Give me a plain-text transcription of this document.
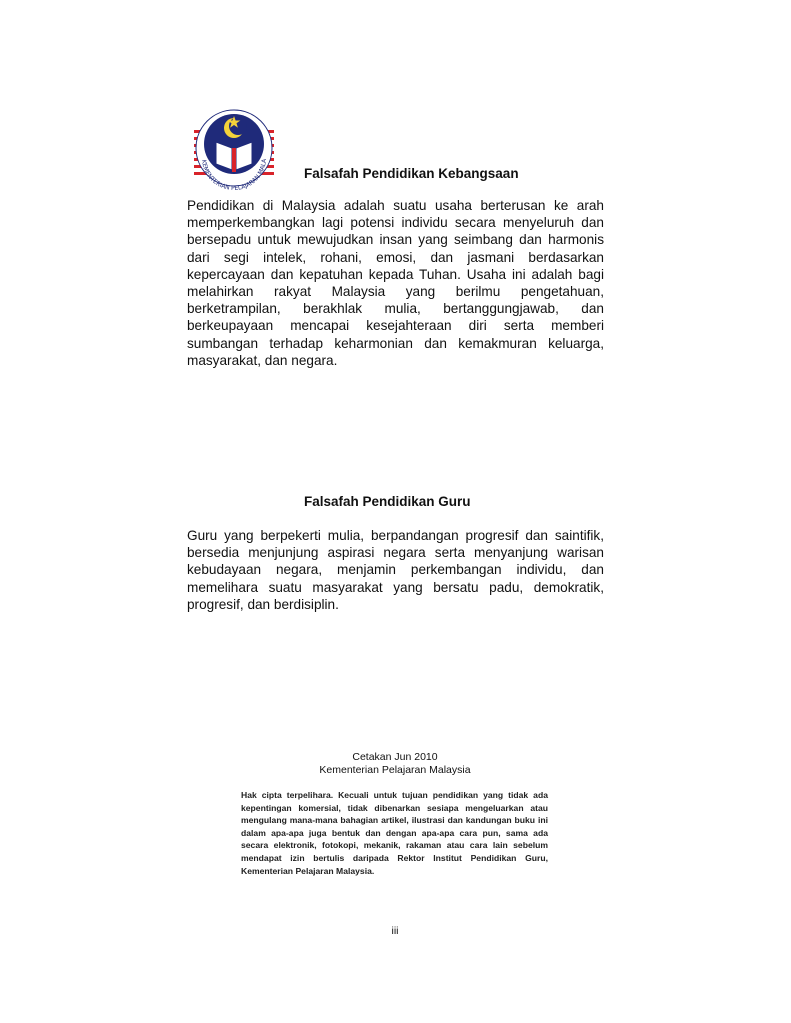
KEMENTERIAN PELAJARAN MALA
Falsafah Pendidikan Kebangsaan

Pendidikan di Malaysia adalah suatu usaha berterusan ke arah memperkembangkan lagi potensi individu secara menyeluruh dan bersepadu untuk mewujudkan insan yang seimbang dan harmonis dari segi intelek, rohani, emosi, dan jasmani berdasarkan kepercayaan dan kepatuhan kepada Tuhan. Usaha ini adalah bagi melahirkan rakyat Malaysia yang berilmu pengetahuan, berketrampilan, berakhlak mulia, bertanggungjawab, dan berkeupayaan mencapai kesejahteraan diri serta memberi sumbangan terhadap keharmonian dan kemakmuran keluarga, masyarakat, dan negara.

Falsafah Pendidikan Guru

Guru yang berpekerti mulia, berpandangan progresif dan saintifik, bersedia menjunjung aspirasi negara serta menyanjung warisan kebudayaan negara, menjamin perkembangan individu, dan memelihara suatu masyarakat yang bersatu padu, demokratik, progresif, dan berdisiplin.

Cetakan Jun 2010
Kementerian Pelajaran Malaysia

Hak cipta terpelihara. Kecuali untuk tujuan pendidikan yang tidak ada kepentingan komersial, tidak dibenarkan sesiapa mengeluarkan atau mengulang mana-mana bahagian artikel, ilustrasi dan kandungan buku ini dalam apa-apa juga bentuk dan dengan apa-apa cara pun, sama ada secara elektronik, fotokopi, mekanik, rakaman atau cara lain sebelum mendapat izin bertulis daripada Rektor Institut Pendidikan Guru, Kementerian Pelajaran Malaysia.

iii
